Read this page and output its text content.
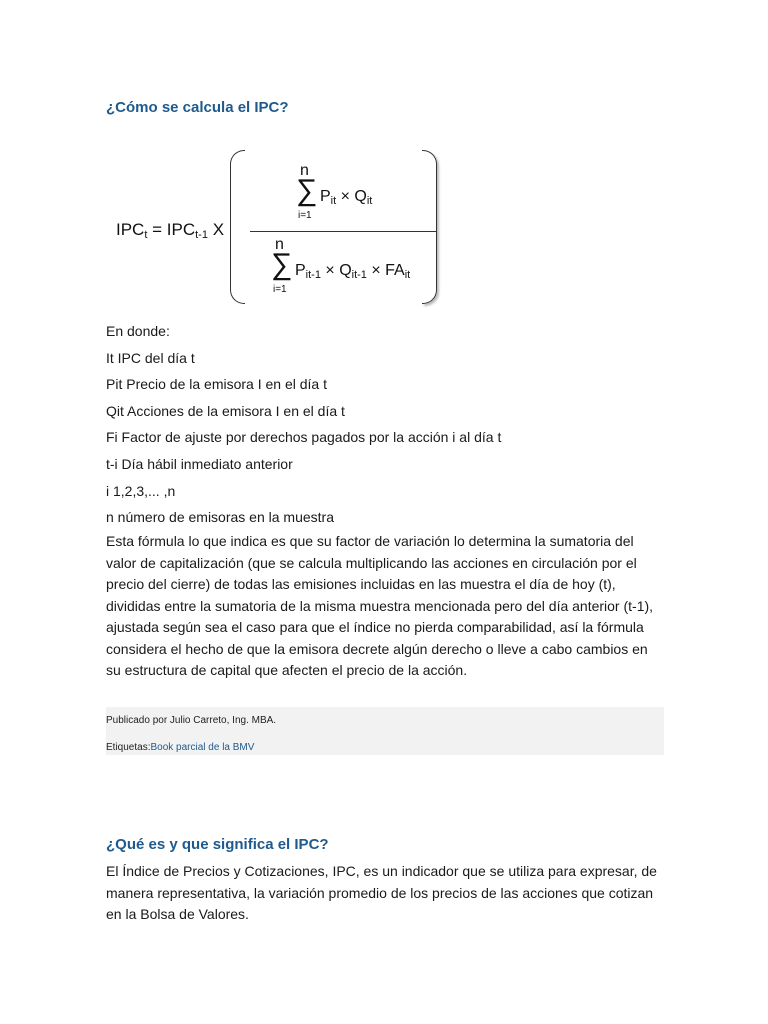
¿Cómo se calcula el IPC?
$IPC_t = IPC_{t-1}$ X
n
∑
i=1
$P_{it} \times Q_{it}$
n
∑
i=1
$P_{it-1} \times Q_{it-1} \times FA_{it}$

En donde:

It IPC del día t

Pit Precio de la emisora I en el día t

Qit Acciones de la emisora I en el día t

Fi Factor de ajuste por derechos pagados por la acción i al día t

t-i Día hábil inmediato anterior

i 1,2,3,... ,n

n número de emisoras en la muestra

Esta fórmula lo que indica es que su factor de variación lo determina la sumatoria del valor de capitalización (que se calcula multiplicando las acciones en circulación por el precio del cierre) de todas las emisiones incluidas en las muestra el día de hoy (t), divididas entre la sumatoria de la misma muestra mencionada pero del día anterior (t-1), ajustada según sea el caso para que el índice no pierda comparabilidad, así la fórmula considera el hecho de que la emisora decrete algún derecho o lleve a cabo cambios en su estructura de capital que afecten el precio de la acción.

Publicado por Julio Carreto, Ing. MBA.
Etiquetas:Book parcial de la BMV
¿Qué es y que significa el IPC?

El Índice de Precios y Cotizaciones, IPC, es un indicador que se utiliza para expresar, de manera representativa, la variación promedio de los precios de las acciones que cotizan en la Bolsa de Valores.
